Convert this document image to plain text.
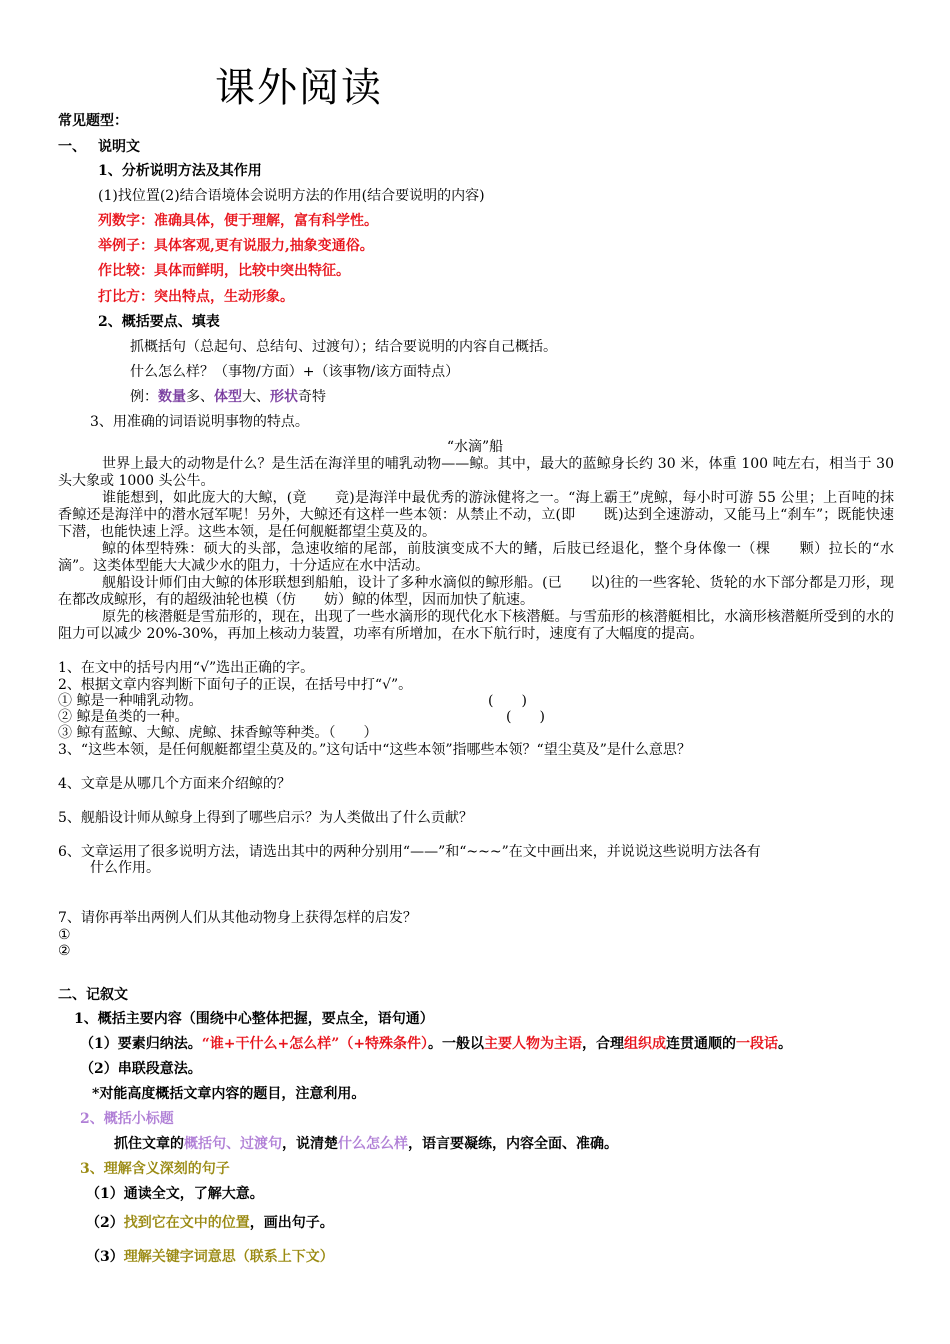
课外阅读
常见题型：
一、 说明文
1、分析说明方法及其作用
(1)找位置(2)结合语境体会说明方法的作用(结合要说明的内容)
列数字：准确具体，便于理解，富有科学性。
举例子：具体客观,更有说服力,抽象变通俗。
作比较：具体而鲜明，比较中突出特征。
打比方：突出特点，生动形象。
2、概括要点、填表
抓概括句（总起句、总结句、过渡句）；结合要说明的内容自己概括。
什么怎么样？（事物/方面）+（该事物/该方面特点）
例：数量多、体型大、形状奇特
3、用准确的词语说明事物的特点。
“水滴”船
世界上最大的动物是什么？是生活在海洋里的哺乳动物——鲸。其中，最大的蓝鲸身长约 30 米，体重 100 吨左右，相当于 30 头大象或 1000 头公牛。
谁能想到，如此庞大的大鲸，(竟　　竞)是海洋中最优秀的游泳健将之一。“海上霸王”虎鲸，每小时可游 55 公里；上百吨的抹香鲸还是海洋中的潜水冠军呢！另外，大鲸还有这样一些本领：从禁止不动，立(即　　既)达到全速游动，又能马上“刹车”；既能快速下潜，也能快速上浮。这些本领，是任何舰艇都望尘莫及的。
鲸的体型特殊：硕大的头部，急速收缩的尾部，前肢演变成不大的鳍，后肢已经退化，整个身体像一（棵　　颗）拉长的“水滴”。这类体型能大大减少水的阻力，十分适应在水中活动。
舰船设计师们由大鲸的体形联想到船舶，设计了多种水滴似的鲸形船。(已　　以)往的一些客轮、货轮的水下部分都是刀形，现在都改成鲸形，有的超级油轮也模（仿　　妨）鲸的体型，因而加快了航速。
原先的核潜艇是雪茄形的，现在，出现了一些水滴形的现代化水下核潜艇。与雪茄形的核潜艇相比，水滴形核潜艇所受到的水的阻力可以减少 20%-30%，再加上核动力装置，功率有所增加，在水下航行时，速度有了大幅度的提高。
1、在文中的括号内用“√”选出正确的字。
2、根据文章内容判断下面句子的正误，在括号中打“√”。
① 鲸是一种哺乳动物。	(　　)
② 鲸是鱼类的一种。	(　　)
③ 鲸有蓝鲸、大鲸、虎鲸、抹香鲸等种类。（　　）
3、“这些本领，是任何舰艇都望尘莫及的。”这句话中“这些本领”指哪些本领？“望尘莫及”是什么意思？
4、文章是从哪几个方面来介绍鲸的？
5、舰船设计师从鲸身上得到了哪些启示？为人类做出了什么贡献？
6、文章运用了很多说明方法，请选出其中的两种分别用“——”和“~~~”在文中画出来，并说说这些说明方法各有
什么作用。
7、请你再举出两例人们从其他动物身上获得怎样的启发？
①
②
二、记叙文
1、概括主要内容（围绕中心整体把握，要点全，语句通）
（1）要素归纳法。“谁+干什么+怎么样”（+特殊条件）。一般以主要人物为主语，合理组织成连贯通顺的一段话。
（2）串联段意法。
*对能高度概括文章内容的题目，注意利用。
2、概括小标题
抓住文章的概括句、过渡句，说清楚什么怎么样，语言要凝练，内容全面、准确。
3、理解含义深刻的句子
（1）通读全文，了解大意。
（2）找到它在文中的位置，画出句子。
（3）理解关键字词意思（联系上下文）
